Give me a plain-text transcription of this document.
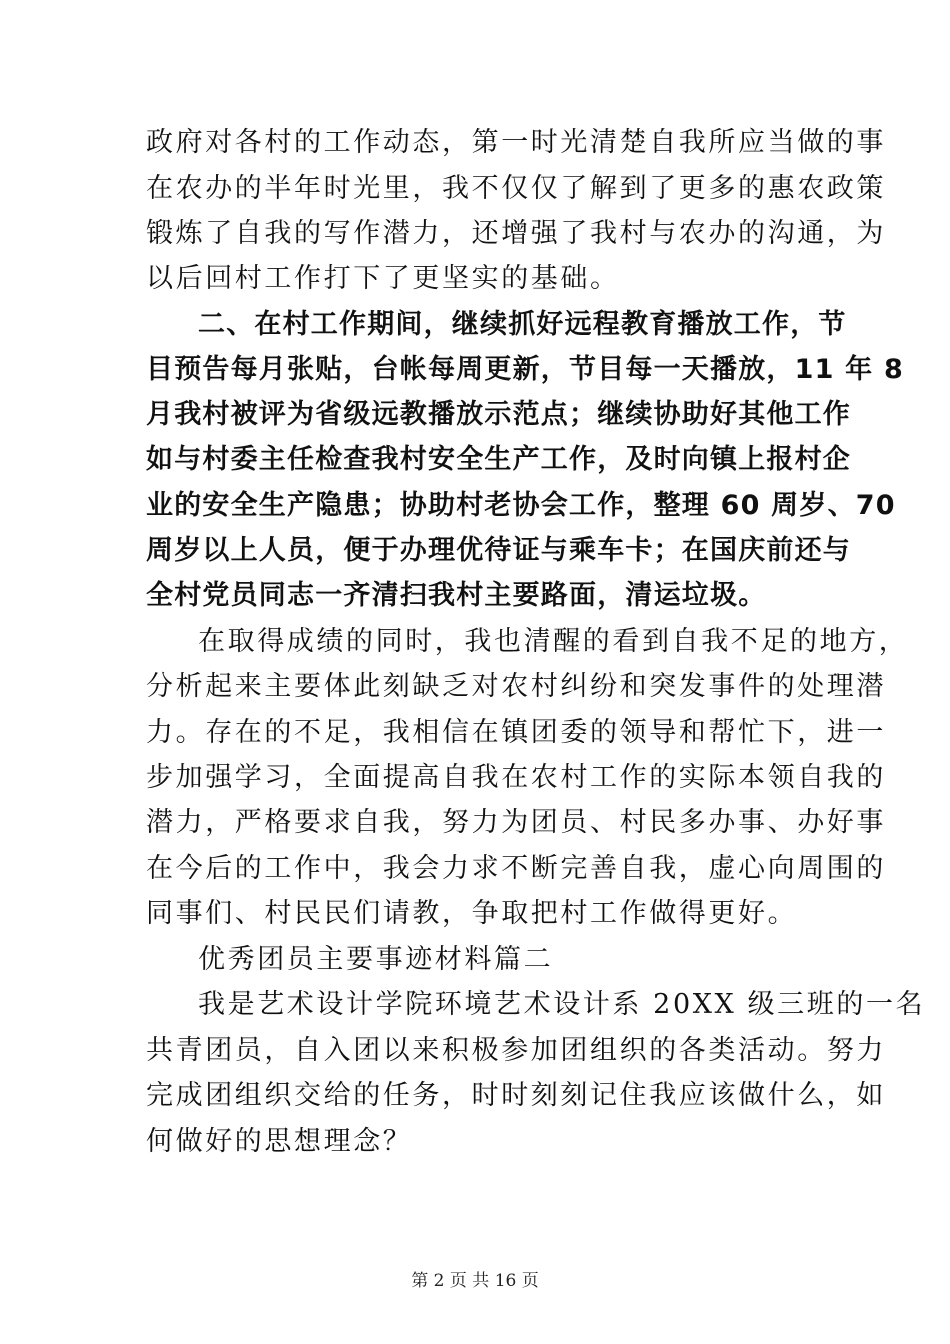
政府对各村的工作动态，第一时光清楚自我所应当做的事
在农办的半年时光里，我不仅仅了解到了更多的惠农政策
锻炼了自我的写作潜力，还增强了我村与农办的沟通，为
以后回村工作打下了更坚实的基础。
二、在村工作期间，继续抓好远程教育播放工作，节
目预告每月张贴，台帐每周更新，节目每一天播放，11 年 8
月我村被评为省级远教播放示范点；继续协助好其他工作
如与村委主任检查我村安全生产工作，及时向镇上报村企
业的安全生产隐患；协助村老协会工作，整理 60 周岁、70
周岁以上人员，便于办理优待证与乘车卡；在国庆前还与
全村党员同志一齐清扫我村主要路面，清运垃圾。
在取得成绩的同时，我也清醒的看到自我不足的地方，
分析起来主要体此刻缺乏对农村纠纷和突发事件的处理潜
力。存在的不足，我相信在镇团委的领导和帮忙下，进一
步加强学习，全面提高自我在农村工作的实际本领自我的
潜力，严格要求自我，努力为团员、村民多办事、办好事
在今后的工作中，我会力求不断完善自我，虚心向周围的
同事们、村民民们请教，争取把村工作做得更好。
优秀团员主要事迹材料篇二
我是艺术设计学院环境艺术设计系 20XX 级三班的一名
共青团员，自入团以来积极参加团组织的各类活动。努力
完成团组织交给的任务，时时刻刻记住我应该做什么，如
何做好的思想理念？
第 2 页 共 16 页
